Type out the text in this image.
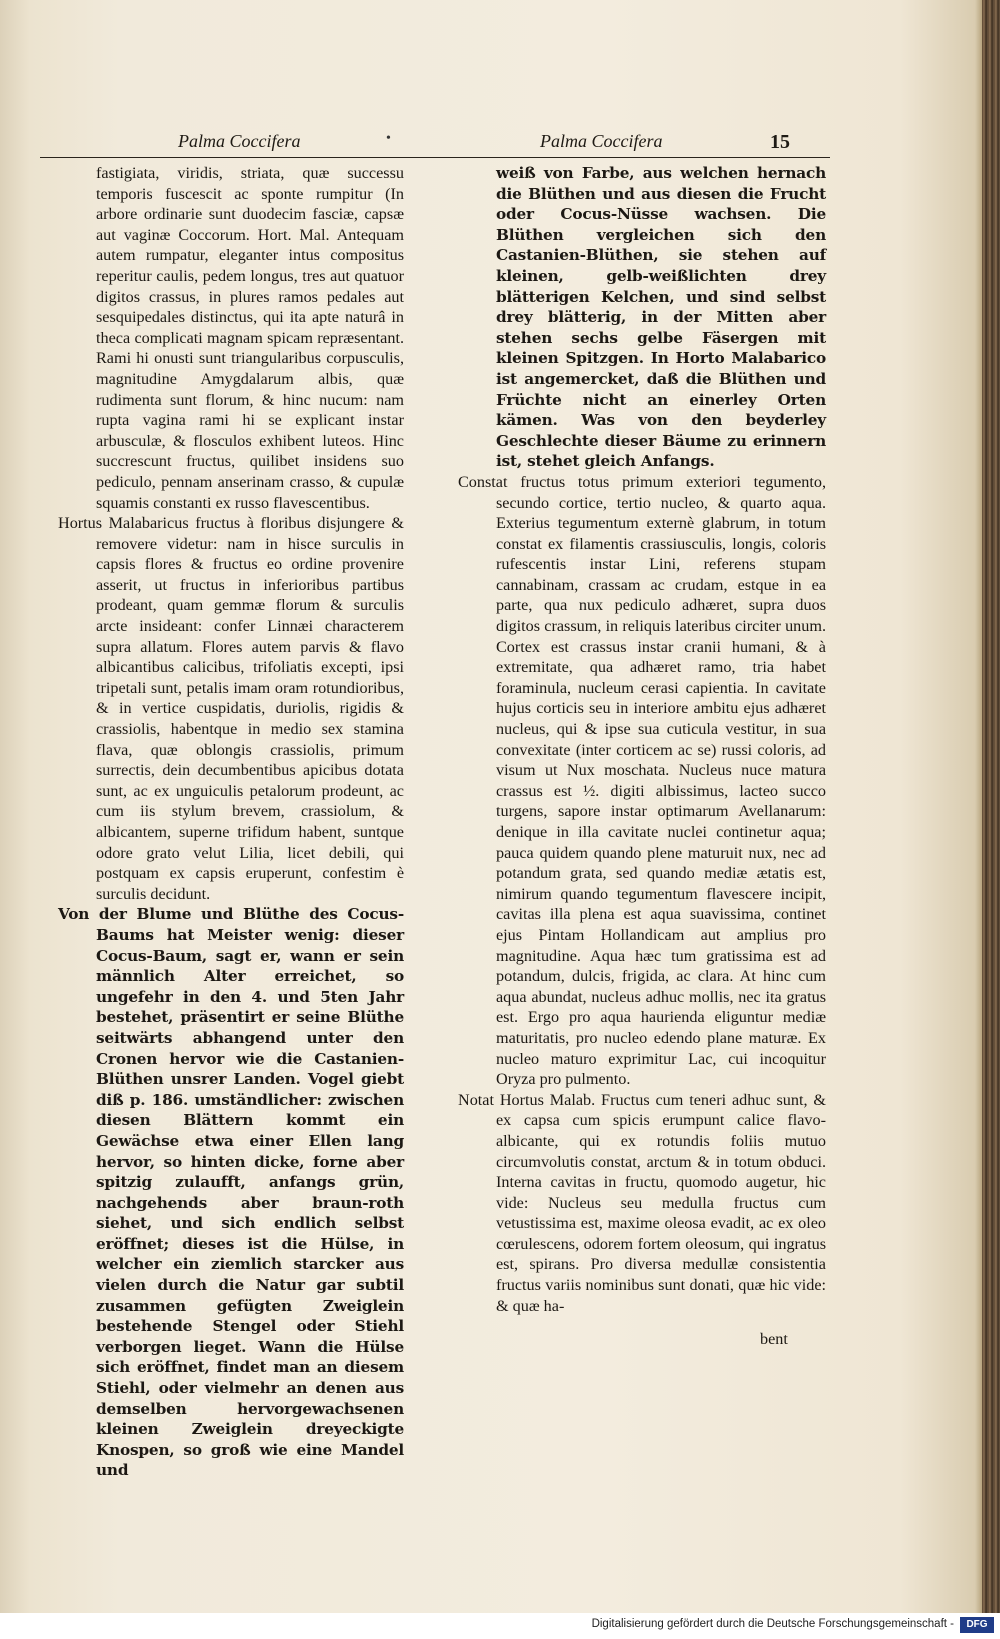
Palma Coccifera	Palma Coccifera	15
•

fastigiata, viridis, striata, quæ successu temporis fuscescit ac sponte rumpitur (In arbore ordinarie sunt duodecim fasciæ, capsæ aut vaginæ Coccorum. Hort. Mal. Antequam autem rumpatur, eleganter intus compositus reperitur caulis, pedem longus, tres aut quatuor digitos crassus, in plures ramos pedales aut sesquipedales distinctus, qui ita apte naturâ in theca complicati magnam spicam repræsentant. Rami hi onusti sunt triangularibus corpusculis, magnitudine Amygdalarum albis, quæ rudimenta sunt florum, & hinc nucum: nam rupta vagina rami hi se explicant instar arbusculæ, & flosculos exhibent luteos. Hinc succrescunt fructus, quilibet insidens suo pediculo, pennam anserinam crasso, & cupulæ squamis constanti ex russo flavescentibus.

Hortus Malabaricus fructus à floribus disjungere & removere videtur: nam in hisce surculis in capsis flores & fructus eo ordine provenire asserit, ut fructus in inferioribus partibus prodeant, quam gemmæ florum & surculis arcte insideant: confer Linnæi characterem supra allatum. Flores autem parvis & flavo albicantibus calicibus, trifoliatis excepti, ipsi tripetali sunt, petalis imam oram rotundioribus, & in vertice cuspidatis, duriolis, rigidis & crassiolis, habentque in medio sex stamina flava, quæ oblongis crassiolis, primum surrectis, dein decumbentibus apicibus dotata sunt, ac ex unguiculis petalorum prodeunt, ac cum iis stylum brevem, crassiolum, & albicantem, superne trifidum habent, suntque odore grato velut Lilia, licet debili, qui postquam ex capsis eruperunt, confestim è surculis decidunt.

Von der Blume und Blüthe des Cocus-Baums hat Meister wenig: dieser Cocus-Baum, sagt er, wann er sein männlich Alter erreichet, so ungefehr in den 4. und 5ten Jahr bestehet, präsentirt er seine Blüthe seitwärts abhangend unter den Cronen hervor wie die Castanien-Blüthen unsrer Landen. Vogel giebt diß p. 186. umständlicher: zwischen diesen Blättern kommt ein Gewächse etwa einer Ellen lang hervor, so hinten dicke, forne aber spitzig zulaufft, anfangs grün, nachgehends aber braun-roth siehet, und sich endlich selbst eröffnet; dieses ist die Hülse, in welcher ein ziemlich starcker aus vielen durch die Natur gar subtil zusammen gefügten Zweiglein bestehende Stengel oder Stiehl verborgen lieget. Wann die Hülse sich eröffnet, findet man an diesem Stiehl, oder vielmehr an denen aus demselben hervorgewachsenen kleinen Zweiglein dreyeckigte Knospen, so groß wie eine Mandel und

weiß von Farbe, aus welchen hernach die Blüthen und aus diesen die Frucht oder Cocus-Nüsse wachsen. Die Blüthen vergleichen sich den Castanien-Blüthen, sie stehen auf kleinen, gelb-weißlichten drey blätterigen Kelchen, und sind selbst drey blätterig, in der Mitten aber stehen sechs gelbe Fäsergen mit kleinen Spitzgen. In Horto Malabarico ist angemercket, daß die Blüthen und Früchte nicht an einerley Orten kämen. Was von den beyderley Geschlechte dieser Bäume zu erinnern ist, stehet gleich Anfangs.

Constat fructus totus primum exteriori tegumento, secundo cortice, tertio nucleo, & quarto aqua. Exterius tegumentum externè glabrum, in totum constat ex filamentis crassiusculis, longis, coloris rufescentis instar Lini, referens stupam cannabinam, crassam ac crudam, estque in ea parte, qua nux pediculo adhæret, supra duos digitos crassum, in reliquis lateribus circiter unum. Cortex est crassus instar cranii humani, & à extremitate, qua adhæret ramo, tria habet foraminula, nucleum cerasi capientia. In cavitate hujus corticis seu in interiore ambitu ejus adhæret nucleus, qui & ipse sua cuticula vestitur, in sua convexitate (inter corticem ac se) russi coloris, ad visum ut Nux moschata. Nucleus nuce matura crassus est ½. digiti albissimus, lacteo succo turgens, sapore instar optimarum Avellanarum: denique in illa cavitate nuclei continetur aqua; pauca quidem quando plene maturuit nux, nec ad potandum grata, sed quando mediæ ætatis est, nimirum quando tegumentum flavescere incipit, cavitas illa plena est aqua suavissima, continet ejus Pintam Hollandicam aut amplius pro magnitudine. Aqua hæc tum gratissima est ad potandum, dulcis, frigida, ac clara. At hinc cum aqua abundat, nucleus adhuc mollis, nec ita gratus est. Ergo pro aqua haurienda eliguntur mediæ maturitatis, pro nucleo edendo plane maturæ. Ex nucleo maturo exprimitur Lac, cui incoquitur Oryza pro pulmento.

Notat Hortus Malab. Fructus cum teneri adhuc sunt, & ex capsa cum spicis erumpunt calice flavo-albicante, qui ex rotundis foliis mutuo circumvolutis constat, arctum & in totum obduci. Interna cavitas in fructu, quomodo augetur, hic vide: Nucleus seu medulla fructus cum vetustissima est, maxime oleosa evadit, ac ex oleo cœrulescens, odorem fortem oleosum, qui ingratus est, spirans. Pro diversa medullæ consistentia fructus variis nominibus sunt donati, quæ hic vide: & quæ ha-

bent
Digitalisierung gefördert durch die Deutsche Forschungsgemeinschaft -	DFG
